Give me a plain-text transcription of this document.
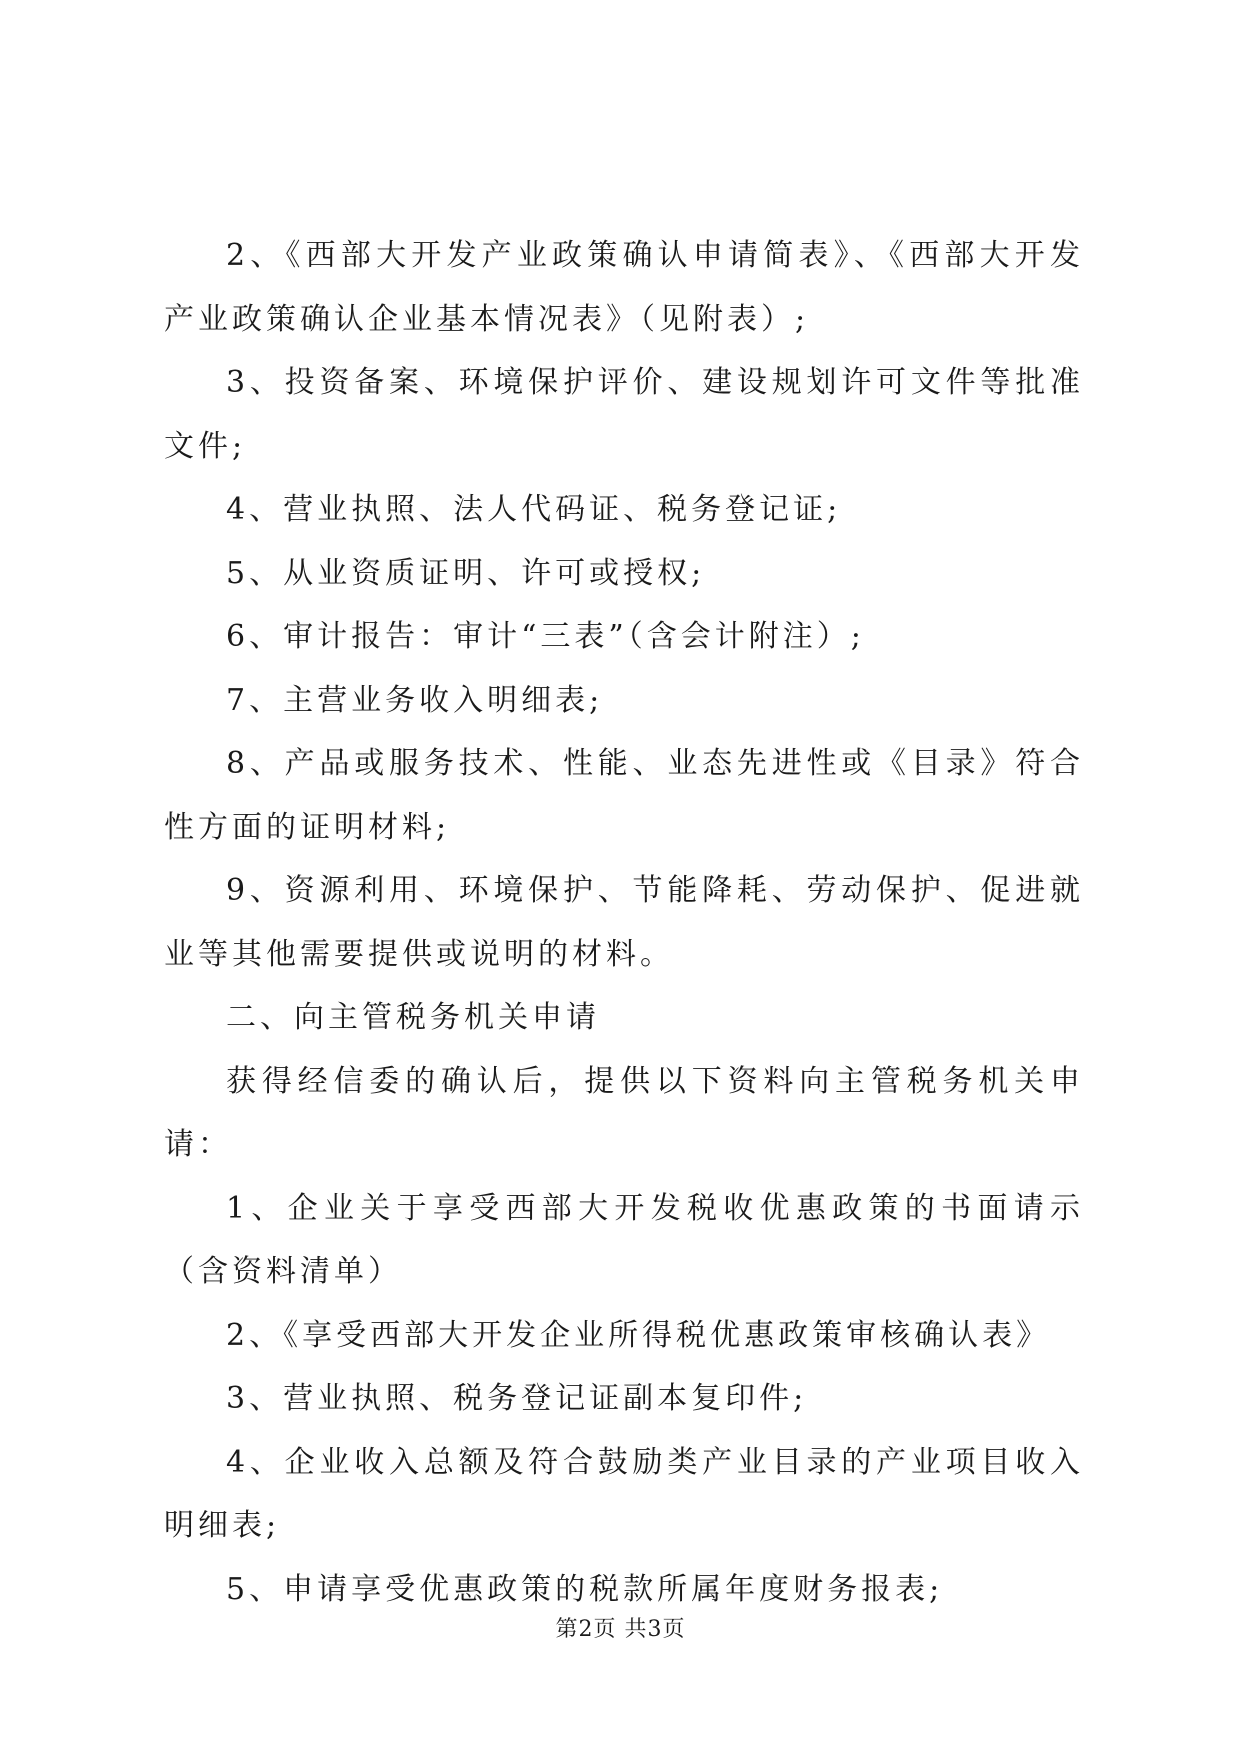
2、《西部大开发产业政策确认申请简表》、《西部大开发产业政策确认企业基本情况表》（见附表）;

3、投资备案、环境保护评价、建设规划许可文件等批准文件;

4、营业执照、法人代码证、税务登记证;

5、从业资质证明、许可或授权;

6、审计报告：审计“三表”（含会计附注）;

7、主营业务收入明细表;

8、产品或服务技术、性能、业态先进性或《目录》符合性方面的证明材料;

9、资源利用、环境保护、节能降耗、劳动保护、促进就业等其他需要提供或说明的材料。

二、向主管税务机关申请

获得经信委的确认后，提供以下资料向主管税务机关申请：

1、企业关于享受西部大开发税收优惠政策的书面请示（含资料清单）

2、《享受西部大开发企业所得税优惠政策审核确认表》

3、营业执照、税务登记证副本复印件;

4、企业收入总额及符合鼓励类产业目录的产业项目收入明细表;

5、申请享受优惠政策的税款所属年度财务报表;

第2页 共3页
